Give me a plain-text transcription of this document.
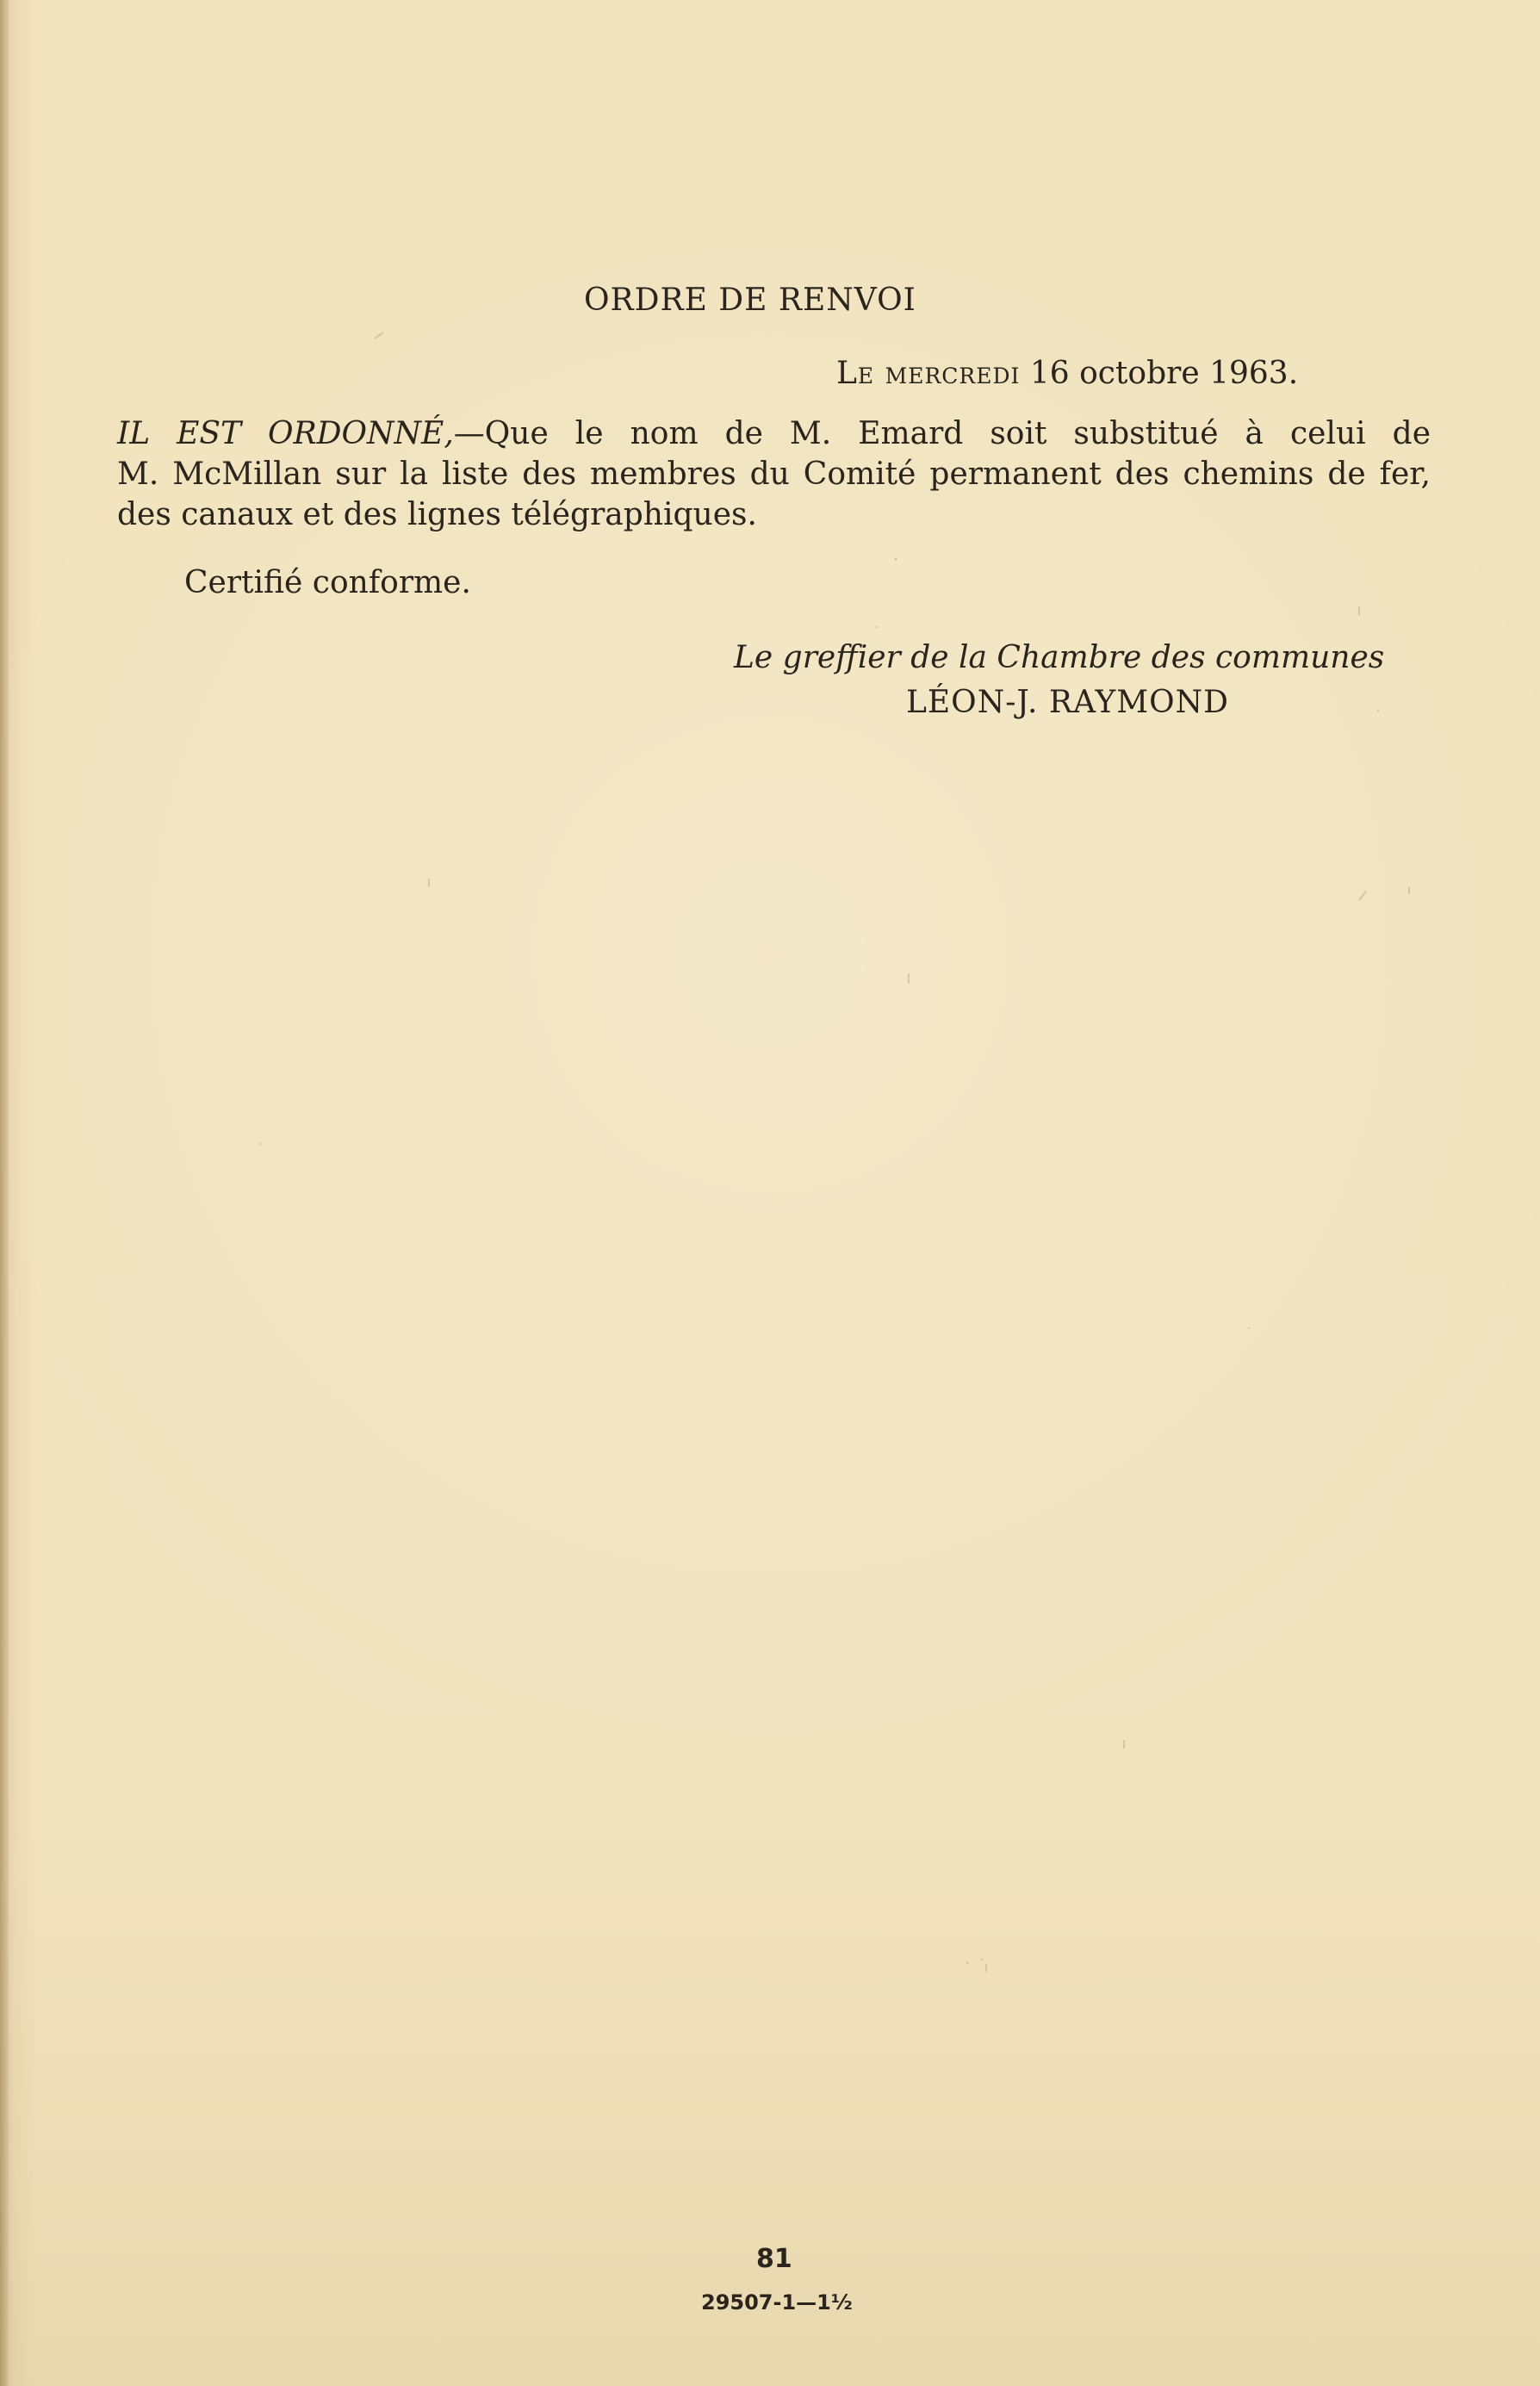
ORDRE DE RENVOI

Le mercredi 16 octobre 1963.

IL EST ORDONNÉ,—Que le nom de M. Emard soit substitué à celui de
M. McMillan sur la liste des membres du Comité permanent des chemins de fer,
des canaux et des lignes télégraphiques.

Certifié conforme.

Le greffier de la Chambre des communes

LÉON-J. RAYMOND

81

29507-1—1½
